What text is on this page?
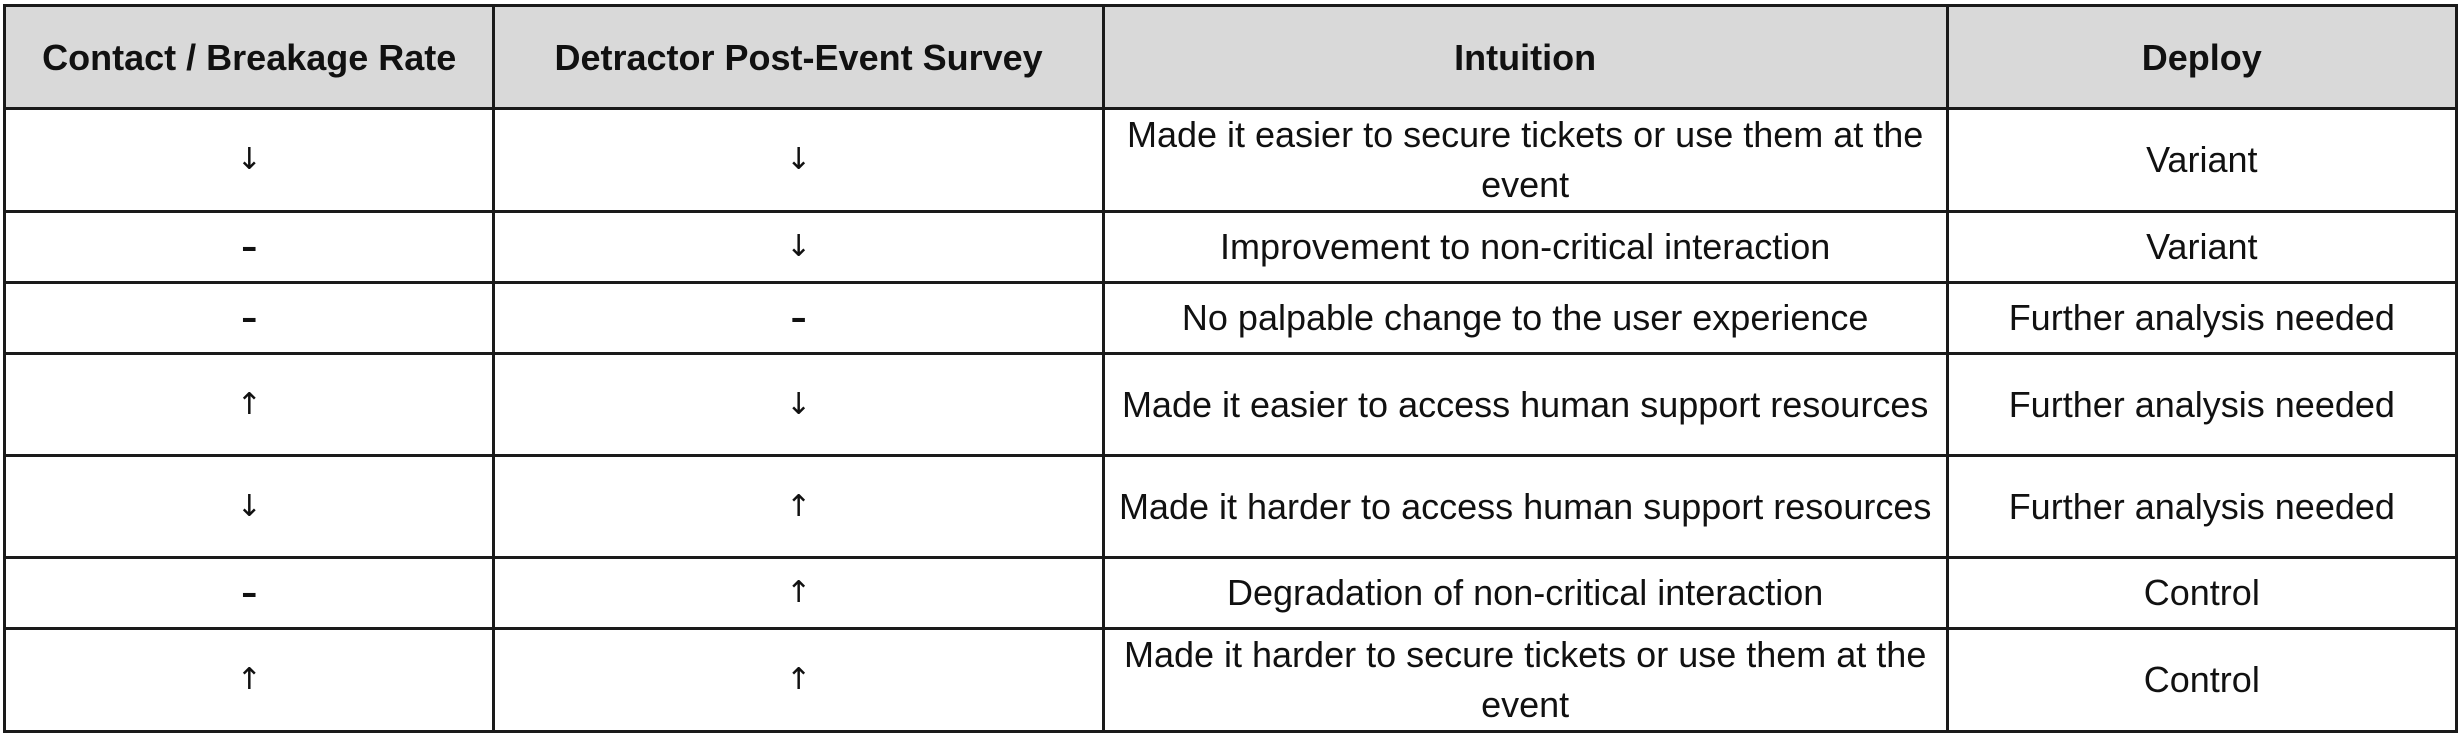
Contact / Breakage Rate	Detractor Post-Event Survey	Intuition	Deploy
↓	↓	Made it easier to secure tickets or use them at the event	Variant
–	↓	Improvement to non-critical interaction	Variant
–	–	No palpable change to the user experience	Further analysis needed
↑	↓	Made it easier to access human support resources	Further analysis needed
↓	↑	Made it harder to access human support resources	Further analysis needed
–	↑	Degradation of non-critical interaction	Control
↑	↑	Made it harder to secure tickets or use them at the event	Control
